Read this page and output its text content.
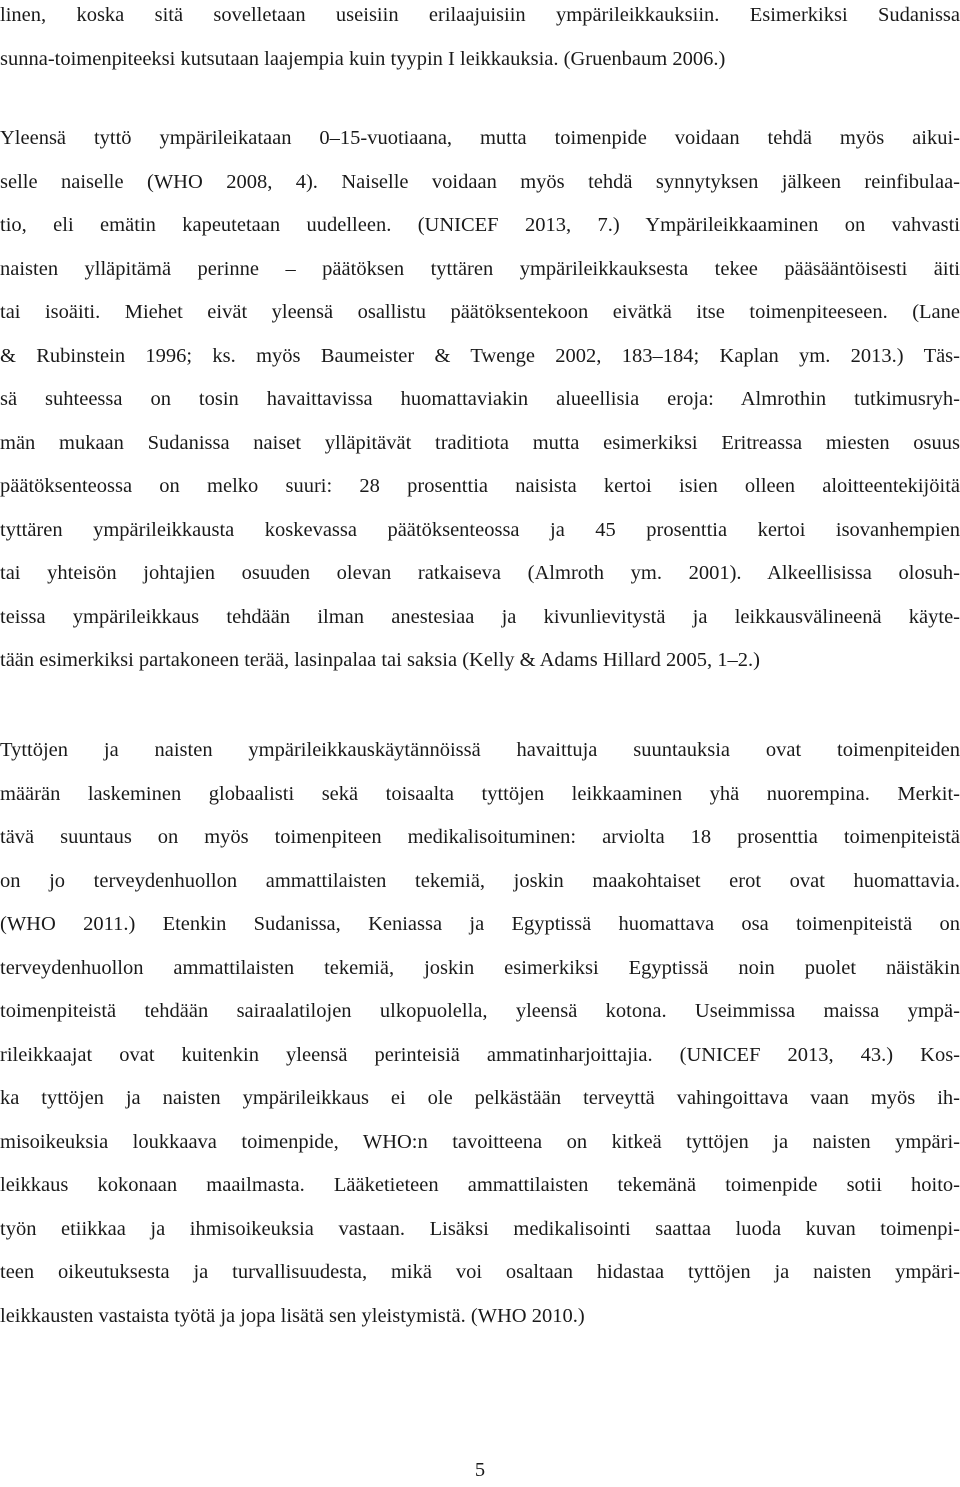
linen, koska sitä sovelletaan useisiin erilaajuisiin ympärileikkauksiin. Esimerkiksi Sudanissa
sunna-toimenpiteeksi kutsutaan laajempia kuin tyypin I leikkauksia. (Gruenbaum 2006.)
Yleensä tyttö ympärileikataan 0–15-vuotiaana, mutta toimenpide voidaan tehdä myös aikui-
selle naiselle (WHO 2008, 4). Naiselle voidaan myös tehdä synnytyksen jälkeen reinfibulaa-
tio, eli emätin kapeutetaan uudelleen. (UNICEF 2013, 7.) Ympärileikkaaminen on vahvasti
naisten ylläpitämä perinne – päätöksen tyttären ympärileikkauksesta tekee pääsääntöisesti äiti
tai isoäiti. Miehet eivät yleensä osallistu päätöksentekoon eivätkä itse toimenpiteeseen. (Lane
& Rubinstein 1996; ks. myös Baumeister & Twenge 2002, 183–184; Kaplan ym. 2013.) Täs-
sä suhteessa on tosin havaittavissa huomattaviakin alueellisia eroja: Almrothin tutkimusryh-
män mukaan Sudanissa naiset ylläpitävät traditiota mutta esimerkiksi Eritreassa miesten osuus
päätöksenteossa on melko suuri: 28 prosenttia naisista kertoi isien olleen aloitteentekijöitä
tyttären ympärileikkausta koskevassa päätöksenteossa ja 45 prosenttia kertoi isovanhempien
tai yhteisön johtajien osuuden olevan ratkaiseva (Almroth ym. 2001). Alkeellisissa olosuh-
teissa ympärileikkaus tehdään ilman anestesiaa ja kivunlievitystä ja leikkausvälineenä käyte-
tään esimerkiksi partakoneen terää, lasinpalaa tai saksia (Kelly & Adams Hillard 2005, 1–2.)
Tyttöjen ja naisten ympärileikkauskäytännöissä havaittuja suuntauksia ovat toimenpiteiden
määrän laskeminen globaalisti sekä toisaalta tyttöjen leikkaaminen yhä nuorempina. Merkit-
tävä suuntaus on myös toimenpiteen medikalisoituminen: arviolta 18 prosenttia toimenpiteistä
on jo terveydenhuollon ammattilaisten tekemiä, joskin maakohtaiset erot ovat huomattavia.
(WHO 2011.) Etenkin Sudanissa, Keniassa ja Egyptissä huomattava osa toimenpiteistä on
terveydenhuollon ammattilaisten tekemiä, joskin esimerkiksi Egyptissä noin puolet näistäkin
toimenpiteistä tehdään sairaalatilojen ulkopuolella, yleensä kotona. Useimmissa maissa ympä-
rileikkaajat ovat kuitenkin yleensä perinteisiä ammatinharjoittajia. (UNICEF 2013, 43.) Kos-
ka tyttöjen ja naisten ympärileikkaus ei ole pelkästään terveyttä vahingoittava vaan myös ih-
misoikeuksia loukkaava toimenpide, WHO:n tavoitteena on kitkeä tyttöjen ja naisten ympäri-
leikkaus kokonaan maailmasta. Lääketieteen ammattilaisten tekemänä toimenpide sotii hoito-
työn etiikkaa ja ihmisoikeuksia vastaan. Lisäksi medikalisointi saattaa luoda kuvan toimenpi-
teen oikeutuksesta ja turvallisuudesta, mikä voi osaltaan hidastaa tyttöjen ja naisten ympäri-
leikkausten vastaista työtä ja jopa lisätä sen yleistymistä. (WHO 2010.)
5
